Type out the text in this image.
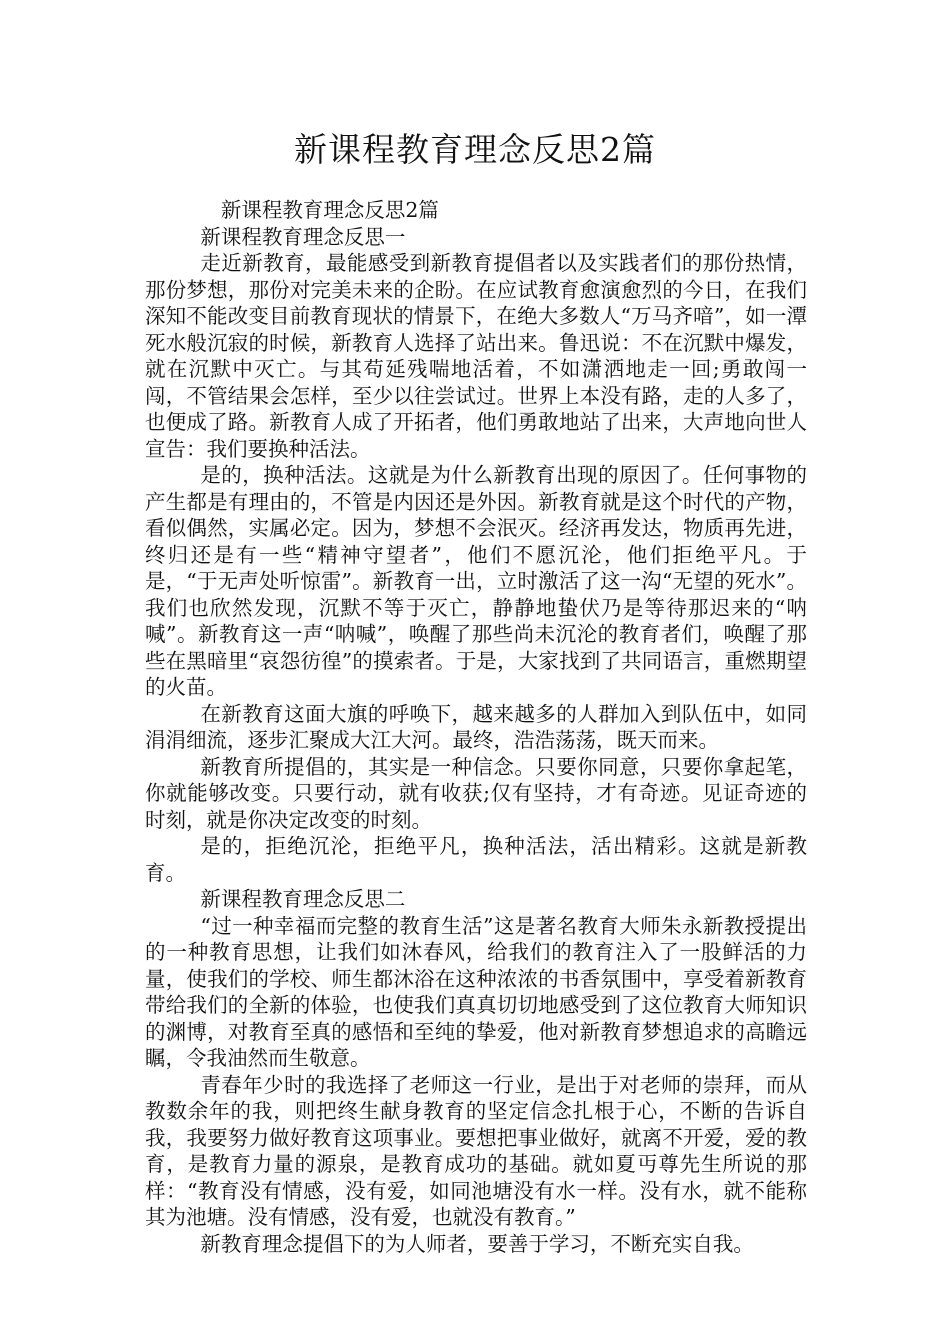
新课程教育理念反思2篇

新课程教育理念反思2篇

新课程教育理念反思一

走近新教育，最能感受到新教育提倡者以及实践者们的那份热情，那份梦想，那份对完美未来的企盼。在应试教育愈演愈烈的今日，在我们深知不能改变目前教育现状的情景下，在绝大多数人“万马齐喑”，如一潭死水般沉寂的时候，新教育人选择了站出来。鲁迅说：不在沉默中爆发，就在沉默中灭亡。与其苟延残喘地活着，不如潇洒地走一回;勇敢闯一闯，不管结果会怎样，至少以往尝试过。世界上本没有路，走的人多了，也便成了路。新教育人成了开拓者，他们勇敢地站了出来，大声地向世人宣告：我们要换种活法。

是的，换种活法。这就是为什么新教育出现的原因了。任何事物的产生都是有理由的，不管是内因还是外因。新教育就是这个时代的产物，看似偶然，实属必定。因为，梦想不会泯灭。经济再发达，物质再先进，终归还是有一些“精神守望者”，他们不愿沉沦，他们拒绝平凡。于是，“于无声处听惊雷”。新教育一出，立时激活了这一沟“无望的死水”。我们也欣然发现，沉默不等于灭亡，静静地蛰伏乃是等待那迟来的“呐喊”。新教育这一声“呐喊”，唤醒了那些尚未沉沦的教育者们，唤醒了那些在黑暗里“哀怨彷徨”的摸索者。于是，大家找到了共同语言，重燃期望的火苗。

在新教育这面大旗的呼唤下，越来越多的人群加入到队伍中，如同涓涓细流，逐步汇聚成大江大河。最终，浩浩荡荡，既天而来。

新教育所提倡的，其实是一种信念。只要你同意，只要你拿起笔，你就能够改变。只要行动，就有收获;仅有坚持，才有奇迹。见证奇迹的时刻，就是你决定改变的时刻。

是的，拒绝沉沦，拒绝平凡，换种活法，活出精彩。这就是新教育。

新课程教育理念反思二

“过一种幸福而完整的教育生活”这是著名教育大师朱永新教授提出的一种教育思想，让我们如沐春风，给我们的教育注入了一股鲜活的力量，使我们的学校、师生都沐浴在这种浓浓的书香氛围中，享受着新教育带给我们的全新的体验，也使我们真真切切地感受到了这位教育大师知识的渊博，对教育至真的感悟和至纯的挚爱，他对新教育梦想追求的高瞻远瞩，令我油然而生敬意。

青春年少时的我选择了老师这一行业，是出于对老师的崇拜，而从教数余年的我，则把终生献身教育的坚定信念扎根于心，不断的告诉自我，我要努力做好教育这项事业。要想把事业做好，就离不开爱，爱的教育，是教育力量的源泉，是教育成功的基础。就如夏丏尊先生所说的那样：“教育没有情感，没有爱，如同池塘没有水一样。没有水，就不能称其为池塘。没有情感，没有爱，也就没有教育。”

新教育理念提倡下的为人师者，要善于学习，不断充实自我。
